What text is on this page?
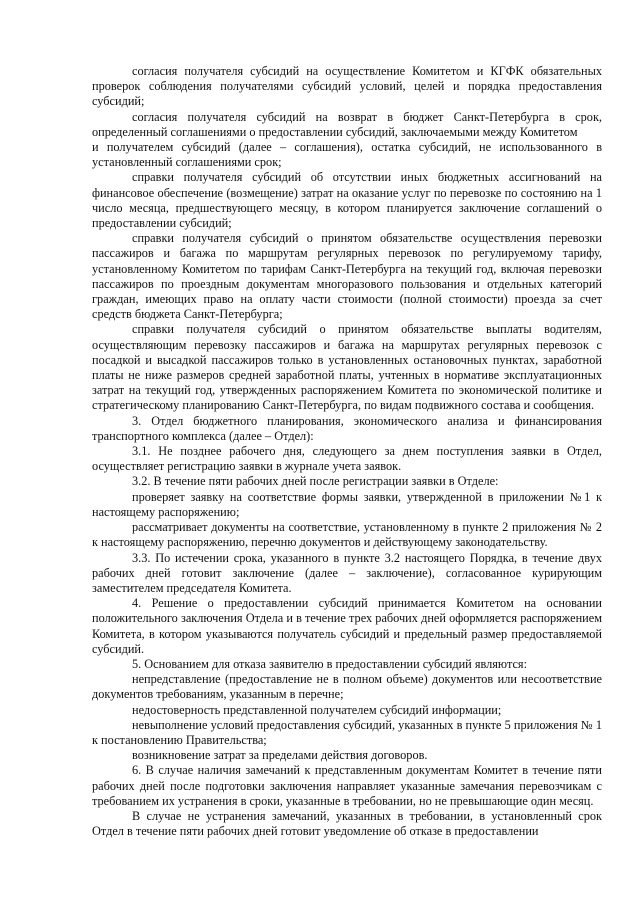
согласия получателя субсидий на осуществление Комитетом и КГФК обязательных проверок соблюдения получателями субсидий условий, целей и порядка предоставления субсидий;

согласия получателя субсидий на возврат в бюджет Санкт-Петербурга в срок, определенный соглашениями о предоставлении субсидий, заключаемыми между Комитетом

и получателем субсидий (далее – соглашения), остатка субсидий, не использованного в установленный соглашениями срок;

справки получателя субсидий об отсутствии иных бюджетных ассигнований на финансовое обеспечение (возмещение) затрат на оказание услуг по перевозке по состоянию на 1 число месяца, предшествующего месяцу, в котором планируется заключение соглашений о предоставлении субсидий;

справки получателя субсидий о принятом обязательстве осуществления перевозки пассажиров и багажа по маршрутам регулярных перевозок по регулируемому тарифу, установленному Комитетом по тарифам Санкт-Петербурга на текущий год, включая перевозки пассажиров по проездным документам многоразового пользования и отдельных категорий граждан, имеющих право на оплату части стоимости (полной стоимости) проезда за счет средств бюджета Санкт-Петербурга;

справки получателя субсидий о принятом обязательстве выплаты водителям, осуществляющим перевозку пассажиров и багажа на маршрутах регулярных перевозок с посадкой и высадкой пассажиров только в установленных остановочных пунктах, заработной платы не ниже размеров средней заработной платы, учтенных в нормативе эксплуатационных затрат на текущий год, утвержденных распоряжением Комитета по экономической политике и стратегическому планированию Санкт-Петербурга, по видам подвижного состава и сообщения.

3. Отдел бюджетного планирования, экономического анализа и финансирования транспортного комплекса (далее – Отдел):

3.1. Не позднее рабочего дня, следующего за днем поступления заявки в Отдел, осуществляет регистрацию заявки в журнале учета заявок.

3.2. В течение пяти рабочих дней после регистрации заявки в Отделе:

проверяет заявку на соответствие формы заявки, утвержденной в приложении №1 к настоящему распоряжению;

рассматривает документы на соответствие, установленному в пункте 2 приложения № 2 к настоящему распоряжению, перечню документов и действующему законодательству.

3.3. По истечении срока, указанного в пункте 3.2 настоящего Порядка, в течение двух рабочих дней готовит заключение (далее – заключение), согласованное курирующим заместителем председателя Комитета.

4. Решение о предоставлении субсидий принимается Комитетом на основании положительного заключения Отдела и в течение трех рабочих дней оформляется распоряжением Комитета, в котором указываются получатель субсидий и предельный размер предоставляемой субсидий.

5. Основанием для отказа заявителю в предоставлении субсидий являются:

непредставление (предоставление не в полном объеме) документов или несоответствие документов требованиям, указанным в перечне;

недостоверность представленной получателем субсидий информации;

невыполнение условий предоставления субсидий, указанных в пункте 5 приложения № 1 к постановлению Правительства;

возникновение затрат за пределами действия договоров.

6. В случае наличия замечаний к представленным документам Комитет в течение пяти рабочих дней после подготовки заключения направляет указанные замечания перевозчикам с требованием их устранения в сроки, указанные в требовании, но не превышающие один месяц.

В случае не устранения замечаний, указанных в требовании, в установленный срок Отдел в течение пяти рабочих дней готовит уведомление об отказе в предоставлении
